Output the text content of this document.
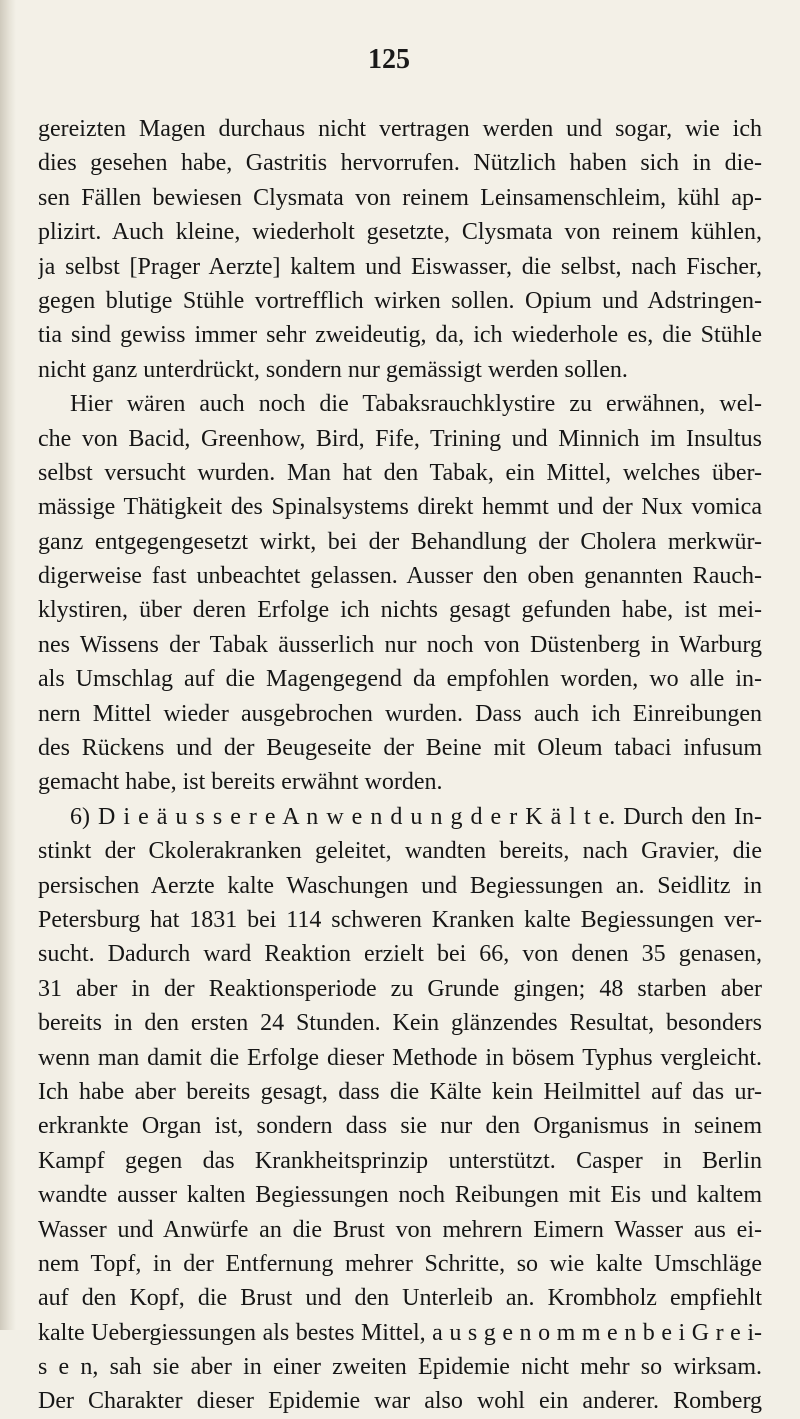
125
gereizten Magen durchaus nicht vertragen werden und sogar, wie ich
dies gesehen habe, Gastritis hervorrufen. Nützlich haben sich in die-
sen Fällen bewiesen Clysmata von reinem Leinsamenschleim, kühl ap-
plizirt. Auch kleine, wiederholt gesetzte, Clysmata von reinem kühlen,
ja selbst [Prager Aerzte] kaltem und Eiswasser, die selbst, nach Fischer,
gegen blutige Stühle vortrefflich wirken sollen. Opium und Adstringen-
tia sind gewiss immer sehr zweideutig, da, ich wiederhole es, die Stühle
nicht ganz unterdrückt, sondern nur gemässigt werden sollen.
Hier wären auch noch die Tabaksrauchklystire zu erwähnen, wel-
che von Bacid, Greenhow, Bird, Fife, Trining und Minnich im Insultus
selbst versucht wurden. Man hat den Tabak, ein Mittel, welches über-
mässige Thätigkeit des Spinalsystems direkt hemmt und der Nux vomica
ganz entgegengesetzt wirkt, bei der Behandlung der Cholera merkwür-
digerweise fast unbeachtet gelassen. Ausser den oben genannten Rauch-
klystiren, über deren Erfolge ich nichts gesagt gefunden habe, ist mei-
nes Wissens der Tabak äusserlich nur noch von Düstenberg in Warburg
als Umschlag auf die Magengegend da empfohlen worden, wo alle in-
nern Mittel wieder ausgebrochen wurden. Dass auch ich Einreibungen
des Rückens und der Beugeseite der Beine mit Oleum tabaci infusum
gemacht habe, ist bereits erwähnt worden.
6) D i e ä u s s e r e A n w e n d u n g d e r K ä l t e. Durch den In-
stinkt der Ckolerakranken geleitet, wandten bereits, nach Gravier, die
persischen Aerzte kalte Waschungen und Begiessungen an. Seidlitz in
Petersburg hat 1831 bei 114 schweren Kranken kalte Begiessungen ver-
sucht. Dadurch ward Reaktion erzielt bei 66, von denen 35 genasen,
31 aber in der Reaktionsperiode zu Grunde gingen; 48 starben aber
bereits in den ersten 24 Stunden. Kein glänzendes Resultat, besonders
wenn man damit die Erfolge dieser Methode in bösem Typhus vergleicht.
Ich habe aber bereits gesagt, dass die Kälte kein Heilmittel auf das ur-
erkrankte Organ ist, sondern dass sie nur den Organismus in seinem
Kampf gegen das Krankheitsprinzip unterstützt. Casper in Berlin
wandte ausser kalten Begiessungen noch Reibungen mit Eis und kaltem
Wasser und Anwürfe an die Brust von mehrern Eimern Wasser aus ei-
nem Topf, in der Entfernung mehrer Schritte, so wie kalte Umschläge
auf den Kopf, die Brust und den Unterleib an. Krombholz empfiehlt
kalte Uebergiessungen als bestes Mittel, a u s g e n o m m e n b e i G r e i-
s e n, sah sie aber in einer zweiten Epidemie nicht mehr so wirksam.
Der Charakter dieser Epidemie war also wohl ein anderer. Romberg
